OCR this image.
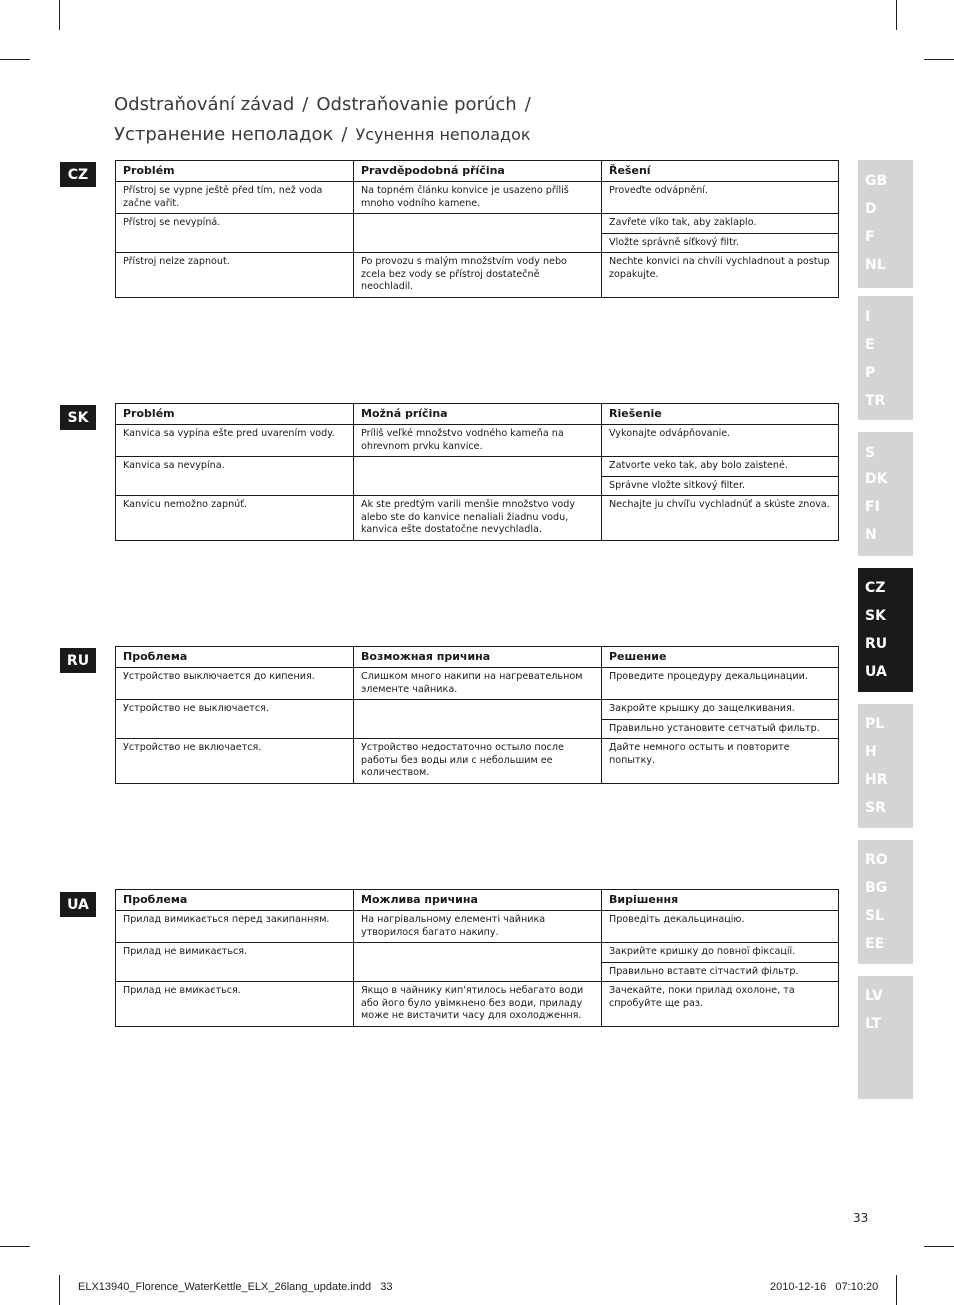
Odstraňování závad / Odstraňovanie porúch /
Устранение неполадок / Усунення неполадок
CZ
SK
RU
UA
Problém	Pravděpodobná příčina	Řešení
Přístroj se vypne ještě před tím, než voda začne vařit.	Na topném článku konvice je usazeno příliš mnoho vodního kamene.	Proveďte odvápnění.
Přístroj se nevypíná.		Zavřete víko tak, aby zaklaplo.
		Vložte správně síťkový filtr.
Přístroj nelze zapnout.	Po provozu s malým množstvím vody nebo zcela bez vody se přístroj dostatečně neochladil.	Nechte konvici na chvíli vychladnout a postup zopakujte.
Problém	Možná príčina	Riešenie
Kanvica sa vypína ešte pred uvarením vody.	Príliš veľké množstvo vodného kameňa na ohrevnom prvku kanvice.	Vykonajte odvápňovanie.
Kanvica sa nevypína.		Zatvorte veko tak, aby bolo zaistené.
		Správne vložte sitkový filter.
Kanvicu nemožno zapnúť.	Ak ste predtým varili menšie množstvo vody alebo ste do kanvice nenaliali žiadnu vodu, kanvica ešte dostatočne nevychladla.	Nechajte ju chvíľu vychladnúť a skúste znova.
Проблема	Возможная причина	Решение
Устройство выключается до кипения.	Слишком много накипи на нагревательном элементе чайника.	Проведите процедуру декальцинации.
Устройство не выключается.		Закройте крышку до защелкивания.
		Правильно установите сетчатый фильтр.
Устройство не включается.	Устройство недостаточно остыло после работы без воды или с небольшим ее количеством.	Дайте немного остыть и повторите попытку.
Проблема	Можлива причина	Вирішення
Прилад вимикається перед закипанням.	На нагрівальному елементі чайника утворилося багато накипу.	Проведіть декальцинацію.
Прилад не вимикається.		Закрийте кришку до повної фіксації.
		Правильно вставте сітчастий фільтр.
Прилад не вмикається.	Якщо в чайнику кип'ятилось небагато води або його було увімкнено без води, приладу може не вистачити часу для охолодження.	Зачекайте, поки прилад охолоне, та спробуйте ще раз.
GB
D
F
NL
I
E
P
TR
S
DK
FI
N
CZ
SK
RU
UA
PL
H
HR
SR
RO
BG
SL
EE
LV
LT
33
ELX13940_Florence_WaterKettle_ELX_26lang_update.indd   33	2010-12-16   07:10:20
